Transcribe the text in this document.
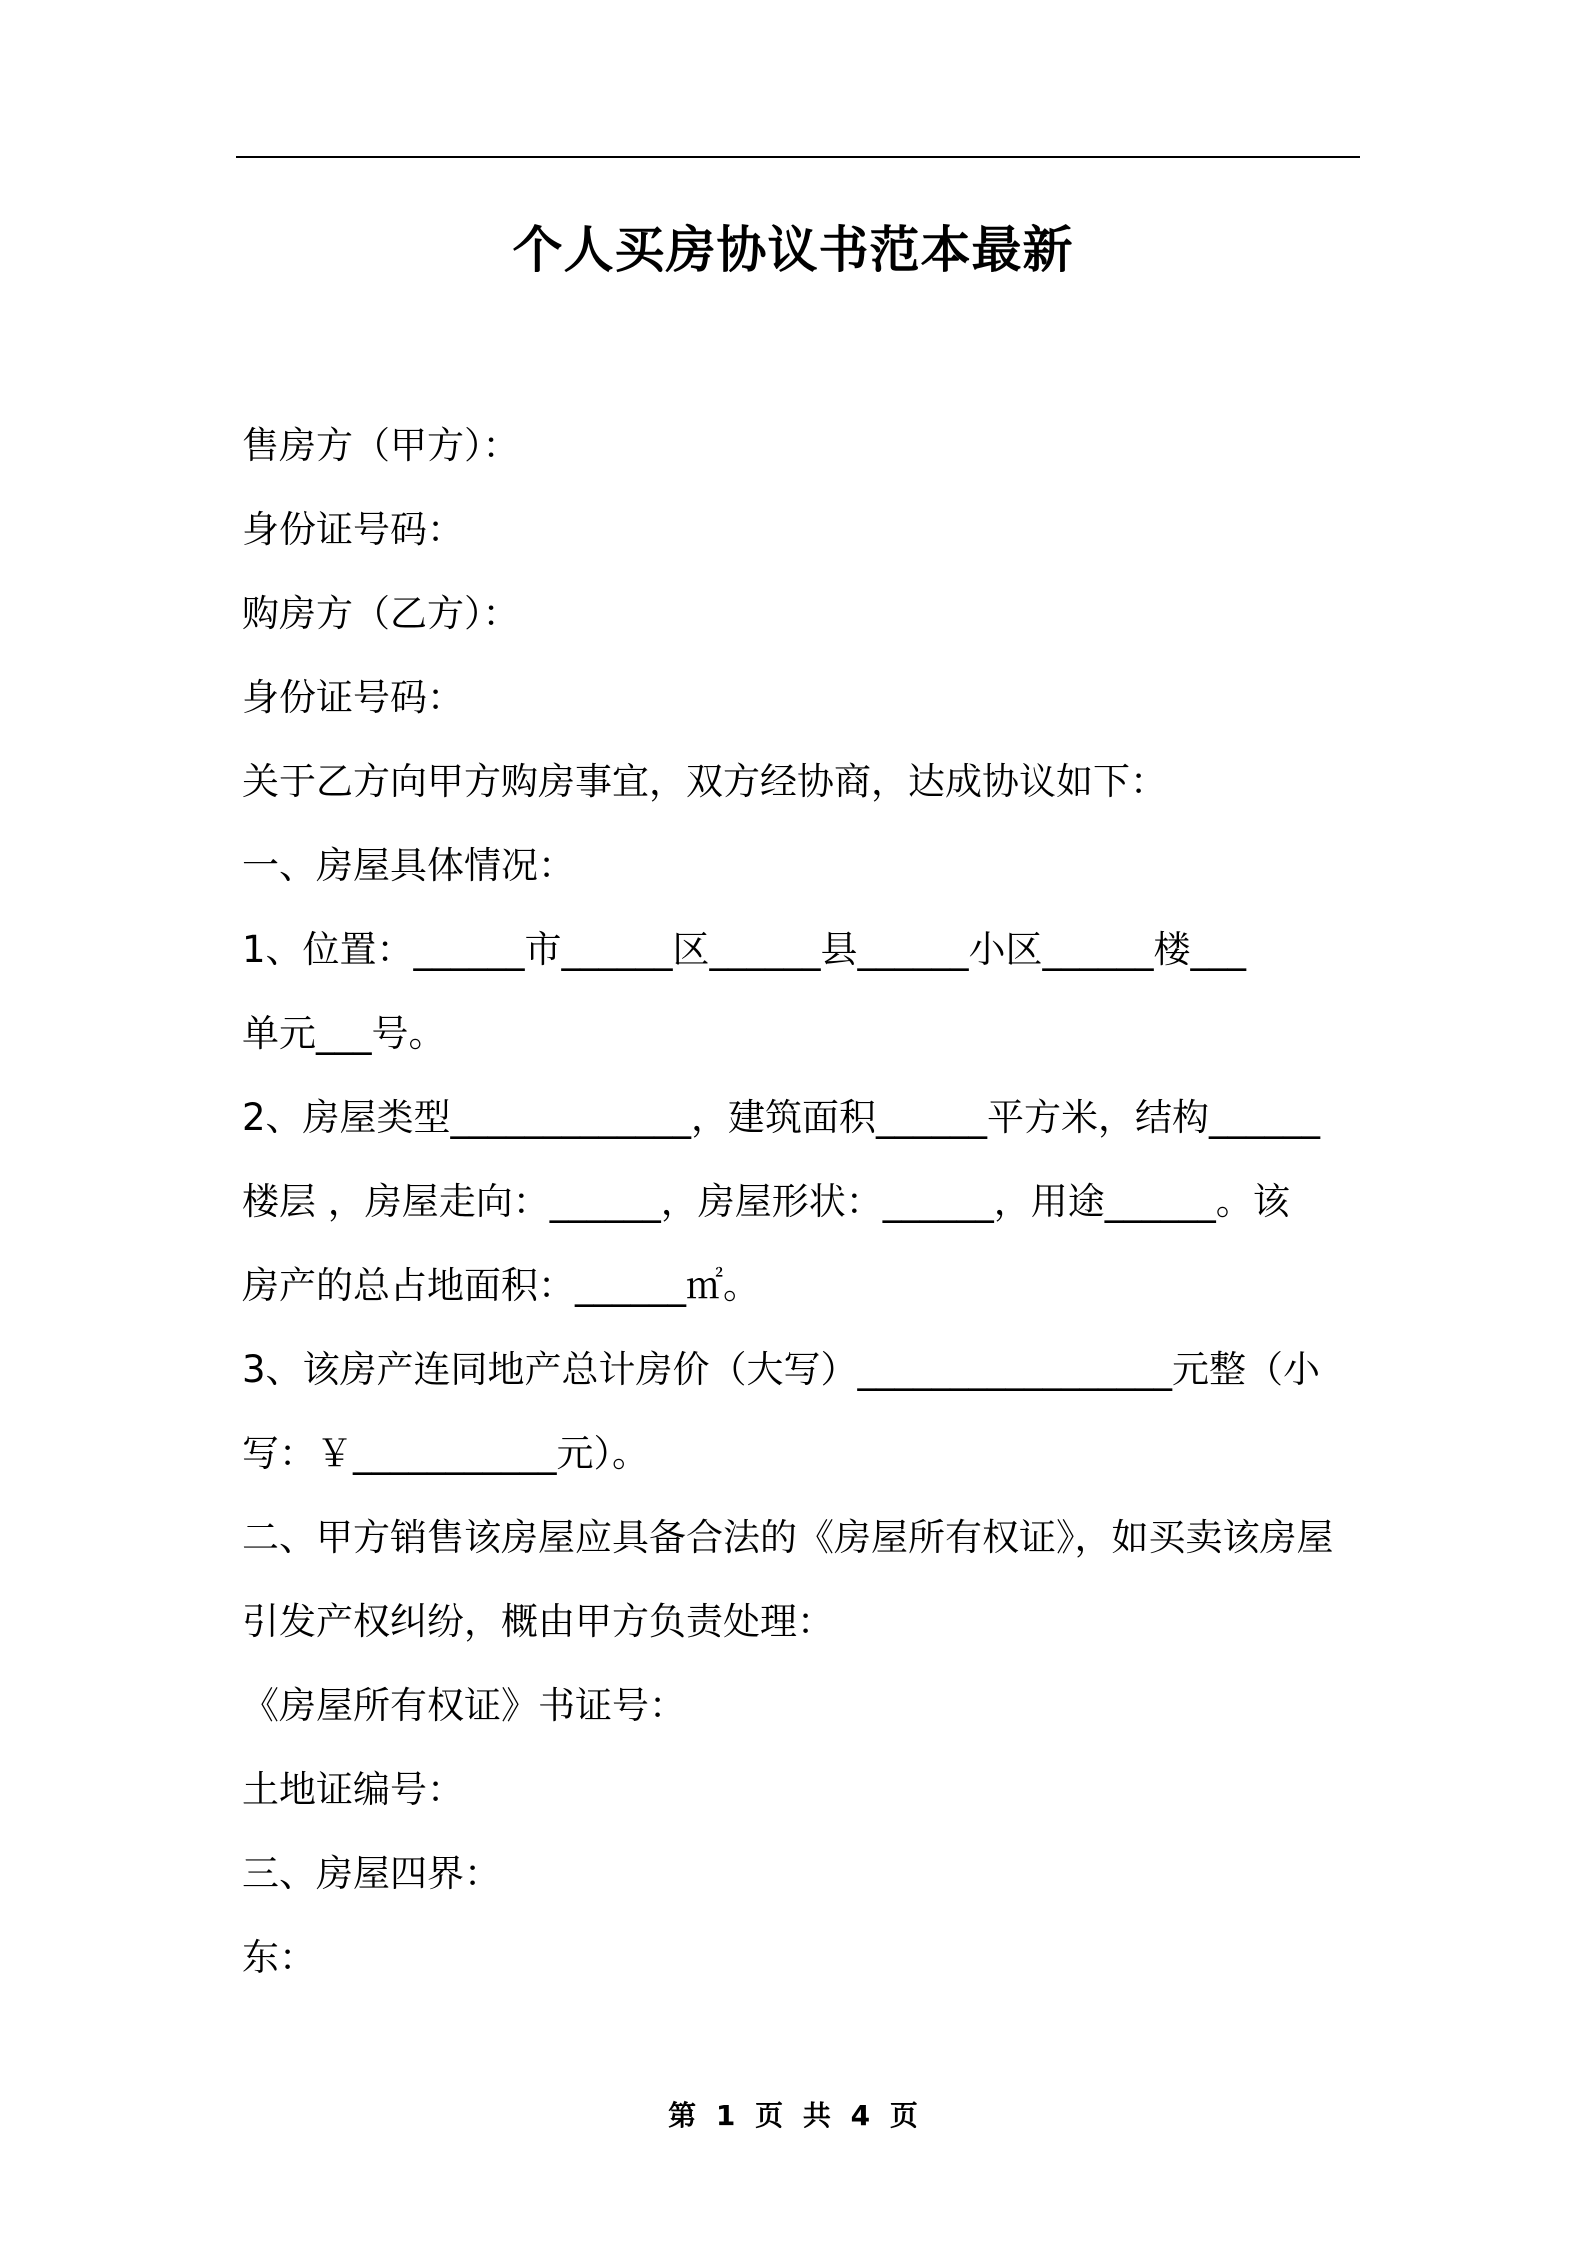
个人买房协议书范本最新
售房方（甲方）：
身份证号码：
购房方（乙方）：
身份证号码：
关于乙方向甲方购房事宜，双方经协商，达成协议如下：
一、房屋具体情况：
1、位置：______市______区______县______小区______楼___
单元___号。
2、房屋类型_____________，建筑面积______平方米，结构______
楼层 ，房屋走向：______，房屋形状：______，用途______。该
房产的总占地面积：______㎡。
3、该房产连同地产总计房价（大写）_________________元整（小
写：￥___________元）。
二、甲方销售该房屋应具备合法的《房屋所有权证》，如买卖该房屋
引发产权纠纷，概由甲方负责处理：
《房屋所有权证》书证号：
土地证编号：
三、房屋四界：
东：
第 1 页 共 4 页
